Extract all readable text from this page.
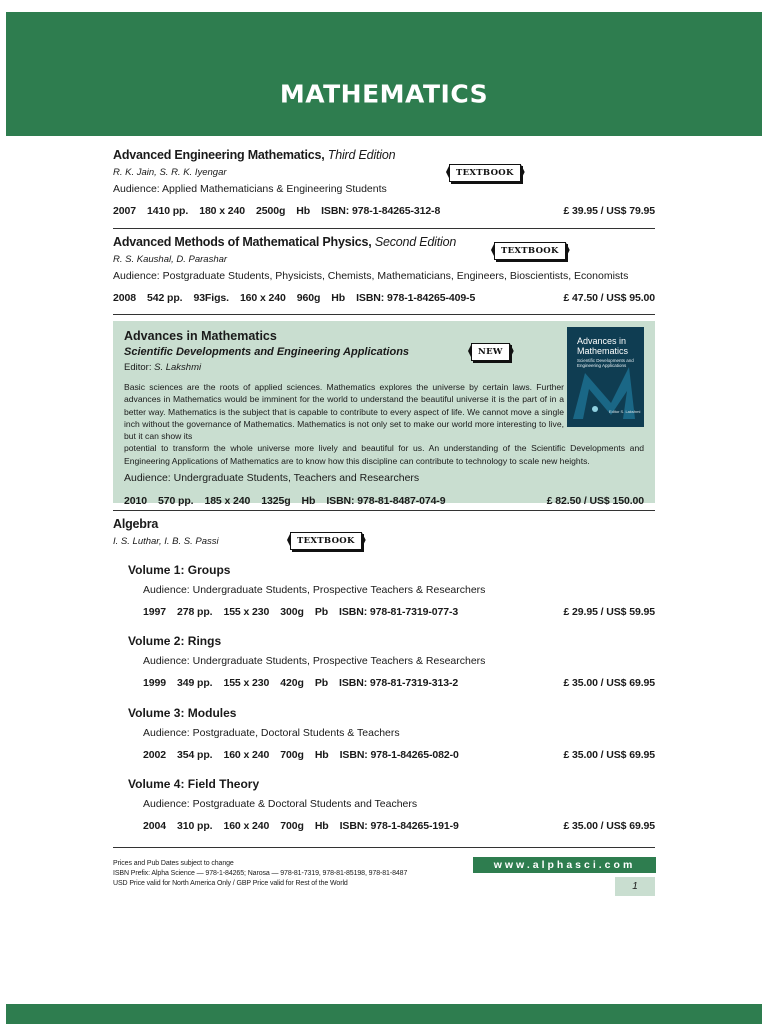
MATHEMATICS
Advanced Engineering Mathematics, Third Edition
R. K. Jain, S. R. K. Iyengar
Audience: Applied Mathematicians & Engineering Students
2007 1410 pp. 180 x 240 2500g Hb ISBN: 978-1-84265-312-8	£ 39.95 / US$ 79.95
TEXTBOOK
Advanced Methods of Mathematical Physics, Second Edition
R. S. Kaushal, D. Parashar
Audience: Postgraduate Students, Physicists, Chemists, Mathematicians, Engineers, Bioscientists, Economists
2008 542 pp. 93Figs. 160 x 240 960g Hb ISBN: 978-1-84265-409-5	£ 47.50 / US$ 95.00
TEXTBOOK
Advances in Mathematics
Scientific Developments and Engineering Applications
Editor: S. Lakshmi
Basic sciences are the roots of applied sciences. Mathematics explores the universe by certain laws. Further advances in Mathematics would be imminent for the world to understand the beautiful universe it is the part of in a better way. Mathematics is the subject that is capable to contribute to every aspect of life. We cannot move a single inch without the governance of Mathematics. Mathematics is not only set to make our world more interesting to live, but it can show its
potential to transform the whole universe more lively and beautiful for us. An understanding of the Scientific Developments and Engineering Applications of Mathematics are to know how this discipline can contribute to technology to scale new heights.
Audience: Undergraduate Students, Teachers and Researchers
2010 570 pp. 185 x 240 1325g Hb ISBN: 978-81-8487-074-9	£ 82.50 / US$ 150.00
Advances in Mathematics
Scientific Developments and Engineering Applications
Editor S. Lakshmi
NEW
Algebra
I. S. Luthar, I. B. S. Passi	TEXTBOOK
Volume 1: Groups
Audience: Undergraduate Students, Prospective Teachers & Researchers
1997 278 pp. 155 x 230 300g Pb ISBN: 978-81-7319-077-3	£ 29.95 / US$ 59.95
Volume 2: Rings
Audience: Undergraduate Students, Prospective Teachers & Researchers
1999 349 pp. 155 x 230 420g Pb ISBN: 978-81-7319-313-2	£ 35.00 / US$ 69.95
Volume 3: Modules
Audience: Postgraduate, Doctoral Students & Teachers
2002 354 pp. 160 x 240 700g Hb ISBN: 978-1-84265-082-0	£ 35.00 / US$ 69.95
Volume 4: Field Theory
Audience: Postgraduate & Doctoral Students and Teachers
2004 310 pp. 160 x 240 700g Hb ISBN: 978-1-84265-191-9	£ 35.00 / US$ 69.95
Prices and Pub Dates subject to change
ISBN Prefix: Alpha Science — 978-1-84265; Narosa — 978-81-7319, 978-81-85198, 978-81-8487
USD Price valid for North America Only / GBP Price valid for Rest of the World
www.alphasci.com
1
